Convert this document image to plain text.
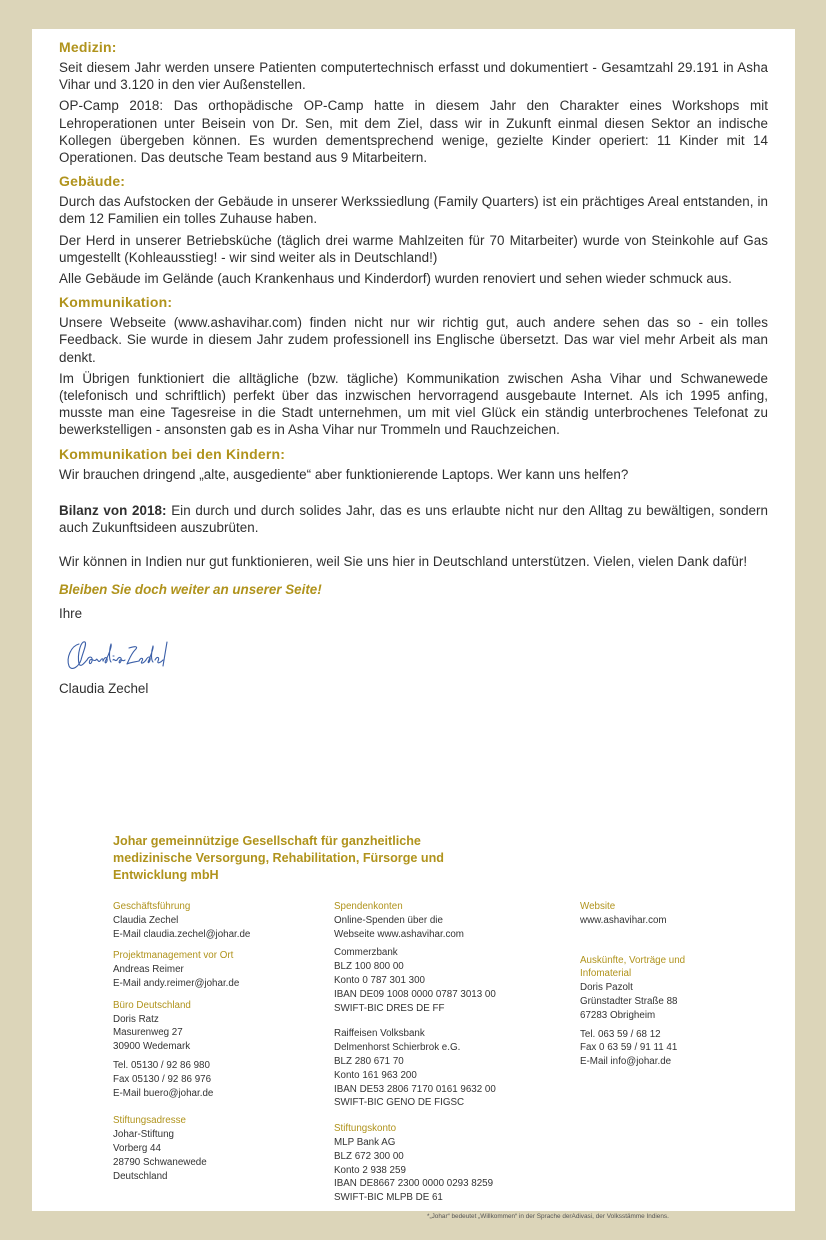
Medizin:

Seit diesem Jahr werden unsere Patienten computertechnisch erfasst und dokumentiert - Gesamtzahl 29.191 in Asha Vihar und 3.120 in den vier Außenstellen.

OP-Camp 2018: Das orthopädische OP-Camp hatte in diesem Jahr den Charakter eines Workshops mit Lehroperationen unter Beisein von Dr. Sen, mit dem Ziel, dass wir in Zukunft einmal diesen Sektor an indische Kollegen übergeben können. Es wurden dementsprechend wenige, gezielte Kinder operiert: 11 Kinder mit 14 Operationen. Das deutsche Team bestand aus 9 Mitarbeitern.

Gebäude:

Durch das Aufstocken der Gebäude in unserer Werkssiedlung (Family Quarters) ist ein prächtiges Areal entstanden, in dem 12 Familien ein tolles Zuhause haben.

Der Herd in unserer Betriebsküche (täglich drei warme Mahlzeiten für 70 Mitarbeiter) wurde von Steinkohle auf Gas umgestellt (Kohleausstieg! - wir sind weiter als in Deutschland!)

Alle Gebäude im Gelände (auch Krankenhaus und Kinderdorf) wurden renoviert und sehen wieder schmuck aus.

Kommunikation:

Unsere Webseite (www.ashavihar.com) finden nicht nur wir richtig gut, auch andere sehen das so - ein tolles Feedback. Sie wurde in diesem Jahr zudem professionell ins Englische übersetzt. Das war viel mehr Arbeit als man denkt.

Im Übrigen funktioniert die alltägliche (bzw. tägliche) Kommunikation zwischen Asha Vihar und Schwanewede (telefonisch und schriftlich) perfekt über das inzwischen hervorragend ausgebaute Internet. Als ich 1995 anfing, musste man eine Tagesreise in die Stadt unternehmen, um mit viel Glück ein ständig unterbrochenes Telefonat zu bewerkstelligen - ansonsten gab es in Asha Vihar nur Trommeln und Rauchzeichen.

Kommunikation bei den Kindern:

Wir brauchen dringend „alte, ausgediente“ aber funktionierende Laptops. Wer kann uns helfen?

Bilanz von 2018: Ein durch und durch solides Jahr, das es uns erlaubte nicht nur den Alltag zu bewältigen, sondern auch Zukunftsideen auszubrüten.

Wir können in Indien nur gut funktionieren, weil Sie uns hier in Deutschland unterstützen. Vielen, vielen Dank dafür!

Bleiben Sie doch weiter an unserer Seite!

Ihre

Claudia Zechel

Johar gemeinnützige Gesellschaft für ganzheitliche medizinische Versorgung, Rehabilitation, Fürsorge und Entwicklung mbH
Geschäftsführung
Claudia Zechel
E-Mail claudia.zechel@johar.de
Projektmanagement vor Ort
Andreas Reimer
E-Mail andy.reimer@johar.de
Büro Deutschland
Doris Ratz
Masurenweg 27
30900 Wedemark
Tel. 05130 / 92 86 980
Fax 05130 / 92 86 976
E-Mail buero@johar.de
Stiftungsadresse
Johar-Stiftung
Vorberg 44
28790 Schwanewede
Deutschland
Spendenkonten
Online-Spenden über die
Webseite www.ashavihar.com
Commerzbank
BLZ 100 800 00
Konto 0 787 301 300
IBAN DE09 1008 0000 0787 3013 00
SWIFT-BIC DRES DE FF
Raiffeisen Volksbank
Delmenhorst Schierbrok e.G.
BLZ 280 671 70
Konto 161 963 200
IBAN DE53 2806 7170 0161 9632 00
SWIFT-BIC GENO DE FIGSC
Stiftungskonto
MLP Bank AG
BLZ 672 300 00
Konto 2 938 259
IBAN DE8667 2300 0000 0293 8259
SWIFT-BIC MLPB DE 61
Website
www.ashavihar.com
Auskünfte, Vorträge und
Infomaterial
Doris Pazolt
Grünstadter Straße 88
67283 Obrigheim
Tel. 063 59 / 68 12
Fax 0 63 59 / 91 11 41
E-Mail info@johar.de
*„Johar“ bedeutet „Willkommen“ in der Sprache derAdivasi, der Volksstämme Indiens.
